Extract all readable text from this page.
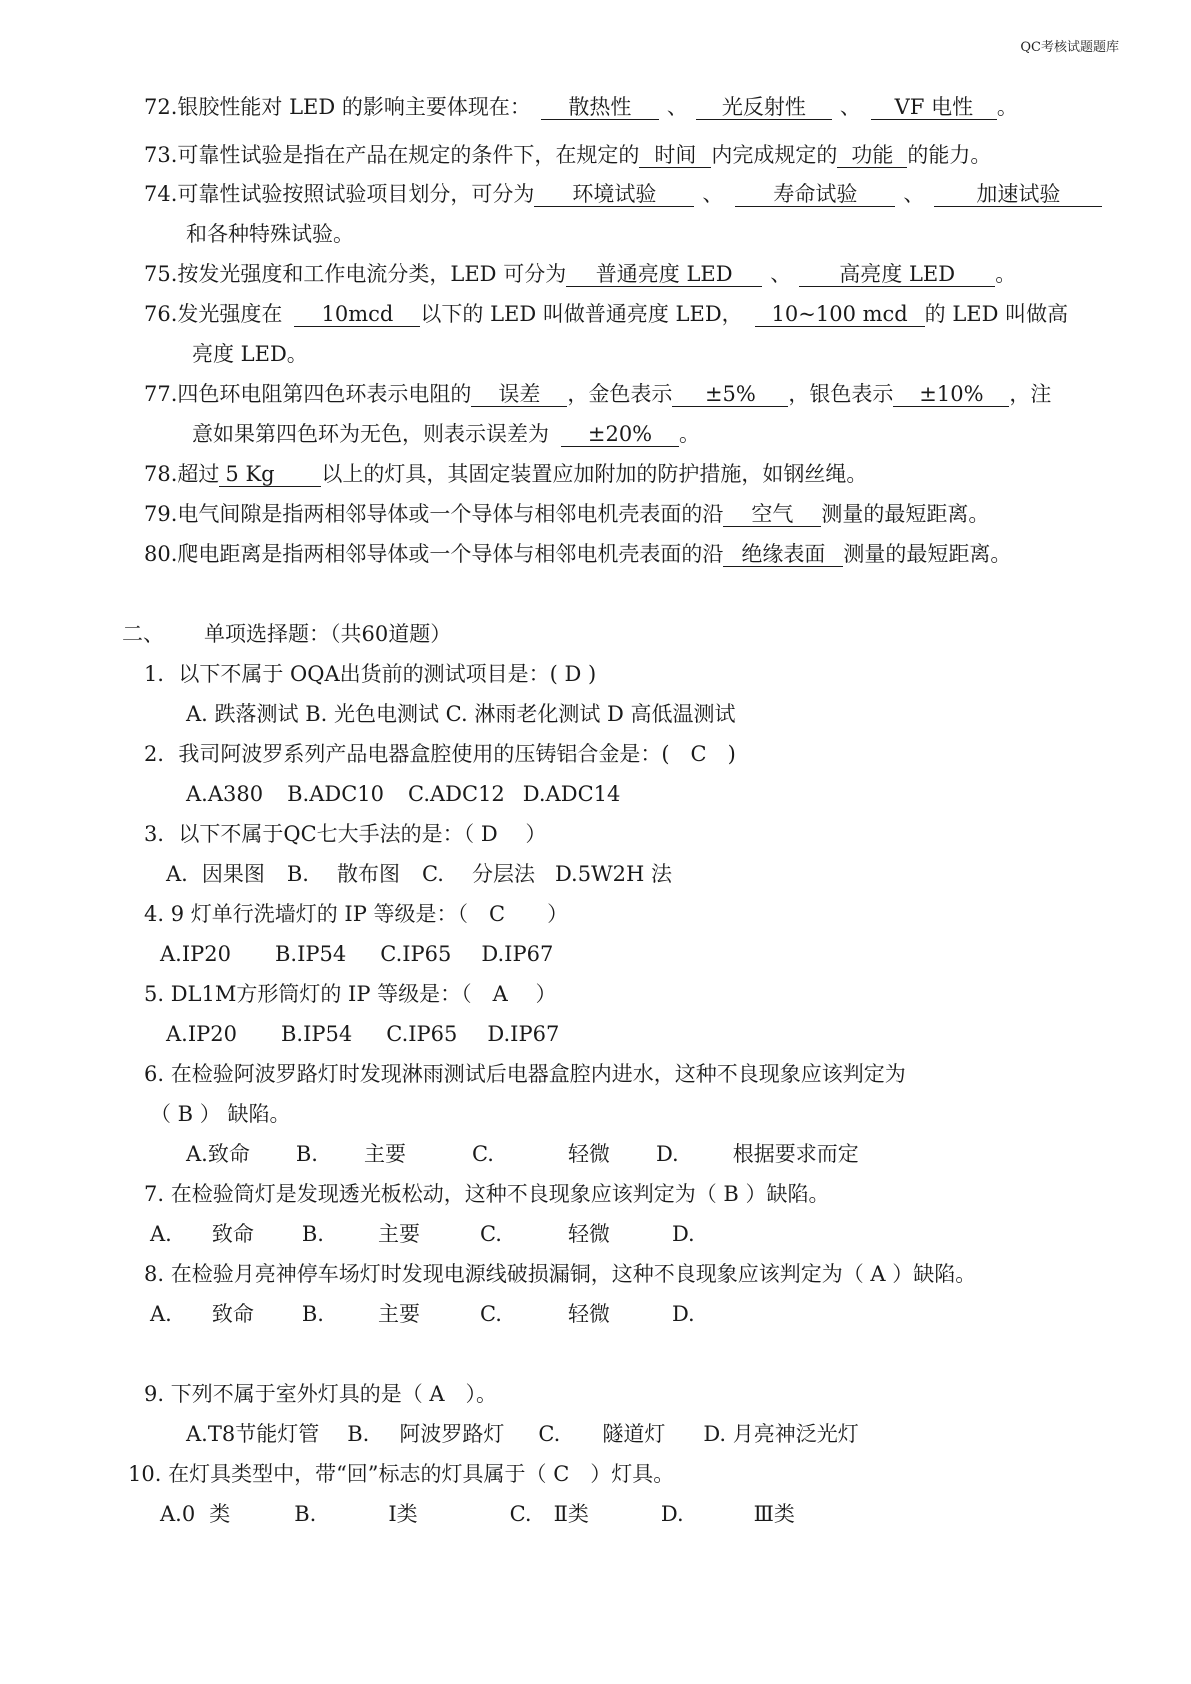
QC考核试题题库
72.银胶性能对 LED 的影响主要体现在： 散热性 、 光反射性 、 VF 电性 。
73.可靠性试验是指在产品在规定的条件下，在规定的 时间 内完成规定的 功能 的能力。
74.可靠性试验按照试验项目划分，可分为 环境试验 、 寿命试验 、 加速试验
和各种特殊试验。
75.按发光强度和工作电流分类，LED 可分为 普通亮度 LED 、 高亮度 LED 。
76.发光强度在 10mcd 以下的 LED 叫做普通亮度 LED， 10~100 mcd 的 LED 叫做高
亮度 LED。
77.四色环电阻第四色环表示电阻的 误差 ，金色表示 ±5% ，银色表示 ±10% ，注
意如果第四色环为无色，则表示误差为 ±20% 。
78.超过 5 Kg 以上的灯具，其固定装置应加附加的防护措施，如钢丝绳。
79.电气间隙是指两相邻导体或一个导体与相邻电机壳表面的沿 空气 测量的最短距离。
80.爬电距离是指两相邻导体或一个导体与相邻电机壳表面的沿 绝缘表面 测量的最短距离。
二、 单项选择题：（共60道题）
1．以下不属于 OQA出货前的测试项目是：( D )
A. 跌落测试 B. 光色电测试 C. 淋雨老化测试 D 高低温测试
2．我司阿波罗系列产品电器盒腔使用的压铸铝合金是：(　C　)
A.A380 B.ADC10 C.ADC12 D.ADC14
3．以下不属于QC七大手法的是：（ D　 ）
A. 因果图 B. 散布图 C. 分层法 D.5W2H 法
4. 9 灯单行洗墙灯的 IP 等级是：（　C　　）
A.IP20 B.IP54 C.IP65 D.IP67
5. DL1M方形筒灯的 IP 等级是：（　A　 ）
A.IP20 B.IP54 C.IP65 D.IP67
6. 在检验阿波罗路灯时发现淋雨测试后电器盒腔内进水，这种不良现象应该判定为
（ B ） 缺陷。
A.致命 B. 主要	C.	轻微 D.	根据要求而定
7. 在检验筒灯是发现透光板松动，这种不良现象应该判定为（ B ）缺陷。
A. 致命 B.	主要	C.	轻微	D.
8. 在检验月亮神停车场灯时发现电源线破损漏铜，这种不良现象应该判定为（ A ）缺陷。
A. 致命 B.	主要	C.	轻微	D.
9. 下列不属于室外灯具的是（ A　）。
A.T8节能灯管 B. 阿波罗路灯 C. 隧道灯 D. 月亮神泛光灯
10. 在灯具类型中，带“回”标志的灯具属于（ C　）灯具。
A.0 类	B.	Ⅰ类	C. Ⅱ类	D.	Ⅲ类
